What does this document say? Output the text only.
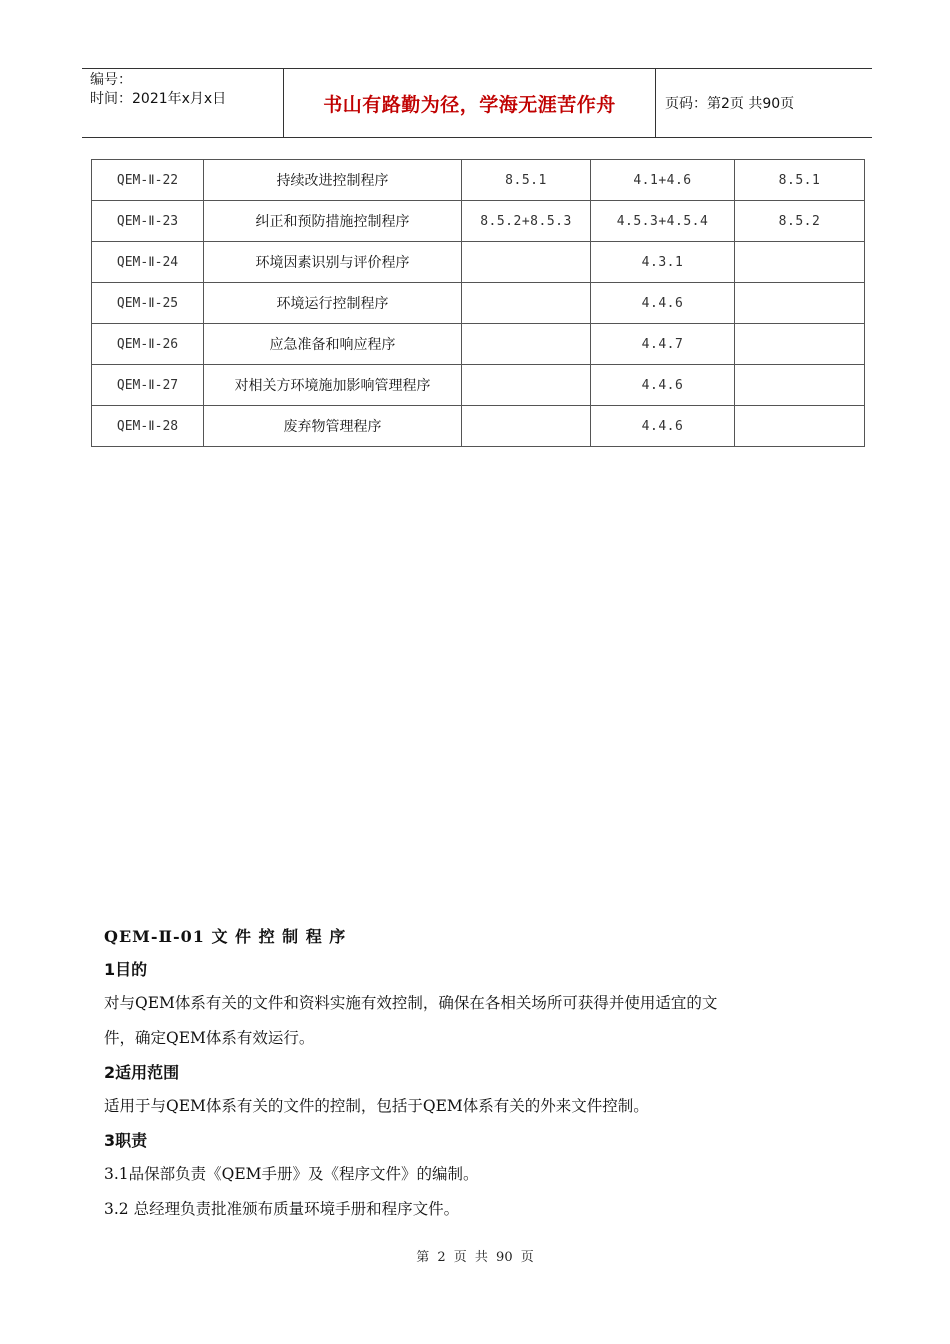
编号：
时间：2021年x月x日	书山有路勤为径，学海无涯苦作舟	页码：第2页 共90页
QEM-Ⅱ-22	持续改进控制程序	8.5.1	4.1+4.6	8.5.1
QEM-Ⅱ-23	纠正和预防措施控制程序	8.5.2+8.5.3	4.5.3+4.5.4	8.5.2
QEM-Ⅱ-24	环境因素识别与评价程序		4.3.1	
QEM-Ⅱ-25	环境运行控制程序		4.4.6	
QEM-Ⅱ-26	应急准备和响应程序		4.4.7	
QEM-Ⅱ-27	对相关方环境施加影响管理程序		4.4.6	
QEM-Ⅱ-28	废弃物管理程序		4.4.6	
QEM-Ⅱ-01 文 件 控 制 程 序
1目的
对与QEM体系有关的文件和资料实施有效控制，确保在各相关场所可获得并使用适宜的文
件，确定QEM体系有效运行。
2适用范围
适用于与QEM体系有关的文件的控制，包括于QEM体系有关的外来文件控制。
3职责
3.1品保部负责《QEM手册》及《程序文件》的编制。
3.2 总经理负责批准颁布质量环境手册和程序文件。
第 2 页 共 90 页
